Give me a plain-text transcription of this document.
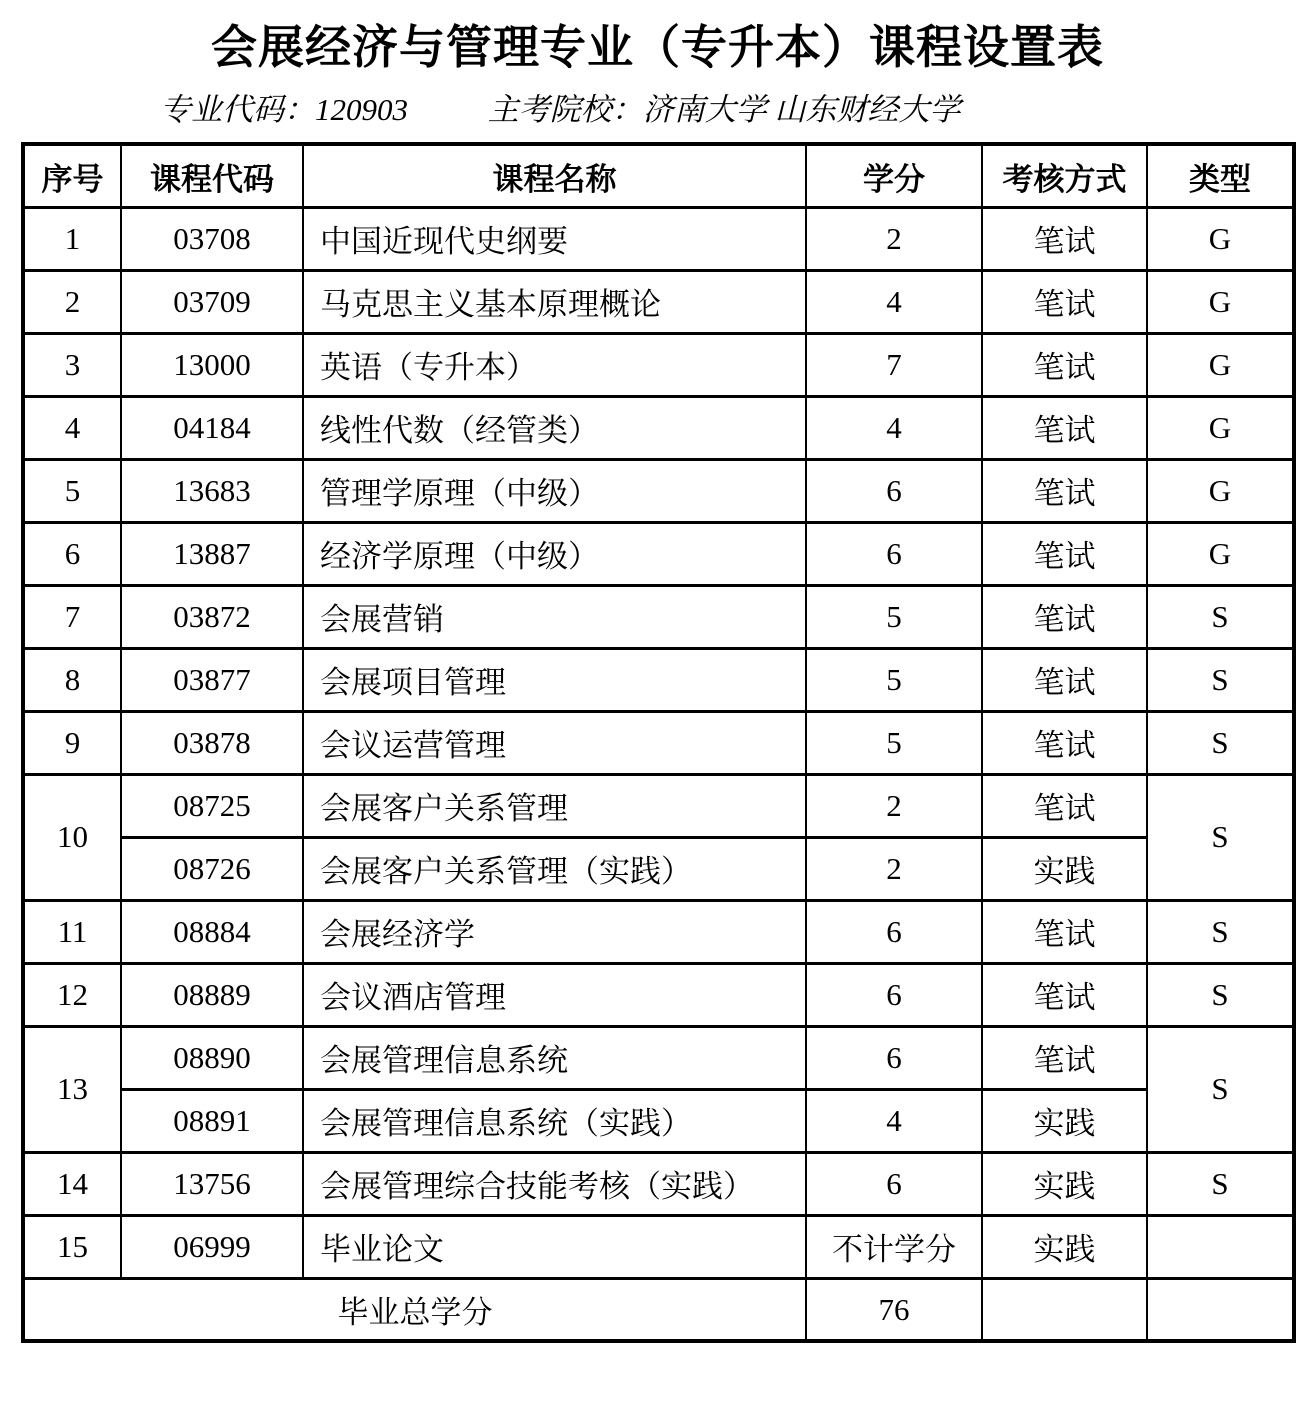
会展经济与管理专业（专升本）课程设置表
专业代码：120903	主考院校：济南大学 山东财经大学
序号	课程代码	课程名称	学分	考核方式	类型
1	03708	中国近现代史纲要	2	笔试	G
2	03709	马克思主义基本原理概论	4	笔试	G
3	13000	英语（专升本）	7	笔试	G
4	04184	线性代数（经管类）	4	笔试	G
5	13683	管理学原理（中级）	6	笔试	G
6	13887	经济学原理（中级）	6	笔试	G
7	03872	会展营销	5	笔试	S
8	03877	会展项目管理	5	笔试	S
9	03878	会议运营管理	5	笔试	S
10	08725	会展客户关系管理	2	笔试	S
	08726	会展客户关系管理（实践）	2	实践	
11	08884	会展经济学	6	笔试	S
12	08889	会议酒店管理	6	笔试	S
13	08890	会展管理信息系统	6	笔试	S
	08891	会展管理信息系统（实践）	4	实践	
14	13756	会展管理综合技能考核（实践）	6	实践	S
15	06999	毕业论文	不计学分	实践	
毕业总学分			76		
